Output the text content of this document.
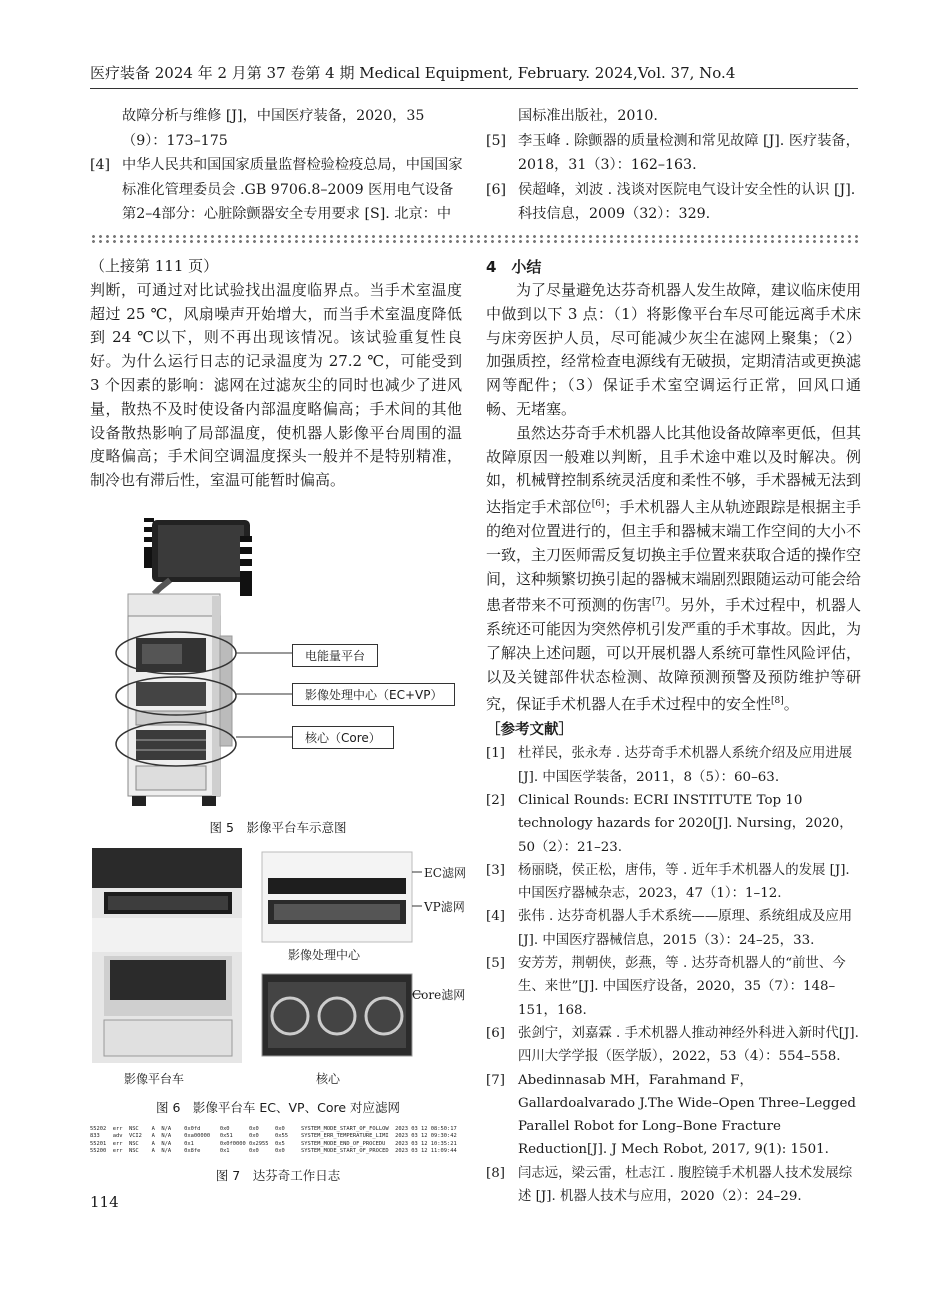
医疗装备 2024 年 2 月第 37 卷第 4 期 Medical Equipment, February. 2024,Vol. 37, No.4
故障分析与维修 [J]，中国医疗装备，2020，35（9）：173–175
[4] 中华人民共和国国家质量监督检验检疫总局，中国国家标准化管理委员会 .GB 9706.8–2009 医用电气设备 第2–4部分：心脏除颤器安全专用要求 [S]. 北京：中
国标准出版社，2010.
[5] 李玉峰 . 除颤器的质量检测和常见故障 [J]. 医疗装备，2018，31（3）：162–163.
[6] 侯超峰，刘波 . 浅谈对医院电气设计安全性的认识 [J]. 科技信息，2009（32）：329.
（上接第 111 页）
判断，可通过对比试验找出温度临界点。当手术室温度超过 25 ℃，风扇噪声开始增大，而当手术室温度降低到 24 ℃以下，则不再出现该情况。该试验重复性良好。为什么运行日志的记录温度为 27.2 ℃，可能受到 3 个因素的影响：滤网在过滤灰尘的同时也减少了进风量，散热不及时使设备内部温度略偏高；手术间的其他设备散热影响了局部温度，使机器人影像平台周围的温度略偏高；手术间空调温度探头一般并不是特别精准，制冷也有滞后性，室温可能暂时偏高。
电能量平台
影像处理中心（EC+VP）
核心（Core）
图 5　影像平台车示意图
EC滤网
VP滤网
影像处理中心
Core滤网
影像平台车	核心
图 6　影像平台车 EC、VP、Core 对应滤网
55202  err  NSC    A  N/A    0x0fd      0x0      0x0     0x0     SYSTEM_MODE_START_OF_FOLLOW  2023 03 12 08:50:17
833    adv  VCI2   A  N/A    0xa00000   0x51     0x0     0x55    SYSTEM_ERR_TEMPERATURE_LIMI  2023 03 12 09:30:42
55201  err  NSC    A  N/A    0x1        0x0f0000 0x2955  0x5     SYSTEM_MODE_END_OF_PROCEDU   2023 03 12 10:35:21
55200  err  NSC    A  N/A    0x8fe      0x1      0x0     0x0     SYSTEM_MODE_START_OF_PROCED  2023 03 12 11:09:44
图 7　达芬奇工作日志
4　小结
为了尽量避免达芬奇机器人发生故障，建议临床使用中做到以下 3 点：（1）将影像平台车尽可能远离手术床与床旁医护人员，尽可能减少灰尘在滤网上聚集；（2）加强质控，经常检查电源线有无破损，定期清洁或更换滤网等配件；（3）保证手术室空调运行正常，回风口通畅、无堵塞。
虽然达芬奇手术机器人比其他设备故障率更低，但其故障原因一般难以判断，且手术途中难以及时解决。例如，机械臂控制系统灵活度和柔性不够，手术器械无法到达指定手术部位[6]；手术机器人主从轨迹跟踪是根据主手的绝对位置进行的，但主手和器械末端工作空间的大小不一致，主刀医师需反复切换主手位置来获取合适的操作空间，这种频繁切换引起的器械末端剧烈跟随运动可能会给患者带来不可预测的伤害[7]。另外，手术过程中，机器人系统还可能因为突然停机引发严重的手术事故。因此，为了解决上述问题，可以开展机器人系统可靠性风险评估，以及关键部件状态检测、故障预测预警及预防维护等研究，保证手术机器人在手术过程中的安全性[8]。
［参考文献］
[1] 杜祥民，张永寿 . 达芬奇手术机器人系统介绍及应用进展 [J]. 中国医学装备，2011，8（5）：60–63.
[2] Clinical Rounds: ECRI INSTITUTE Top 10 technology hazards for 2020[J]. Nursing，2020，50（2）：21–23.
[3] 杨丽晓，侯正松，唐伟，等 . 近年手术机器人的发展 [J]. 中国医疗器械杂志，2023，47（1）：1–12.
[4] 张伟 . 达芬奇机器人手术系统——原理、系统组成及应用 [J]. 中国医疗器械信息，2015（3）：24–25，33.
[5] 安芳芳，荆朝侠，彭燕，等 . 达芬奇机器人的“前世、今生、来世”[J]. 中国医疗设备，2020，35（7）：148–151，168.
[6] 张剑宁，刘嘉霖 . 手术机器人推动神经外科进入新时代[J]. 四川大学学报（医学版），2022，53（4）：554–558.
[7] Abedinnasab MH，Farahmand F，Gallardoalvarado J.The Wide–Open Three–Legged Parallel Robot for Long–Bone Fracture Reduction[J]. J Mech Robot, 2017, 9(1): 1501.
[8] 闫志远，梁云雷，杜志江 . 腹腔镜手术机器人技术发展综述 [J]. 机器人技术与应用，2020（2）：24–29.
114
